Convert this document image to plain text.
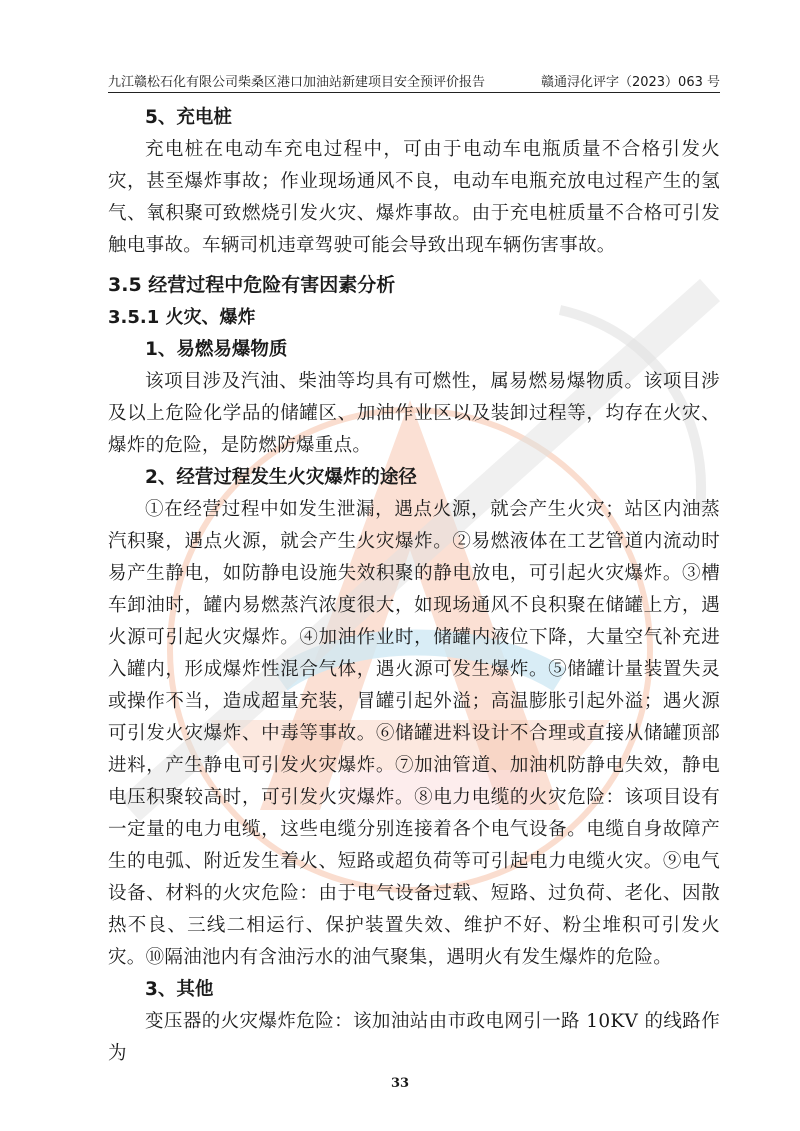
九江赣松石化有限公司柴桑区港口加油站新建项目安全预评价报告	赣通浔化评字（2023）063 号

5、充电桩

充电桩在电动车充电过程中，可由于电动车电瓶质量不合格引发火灾，甚至爆炸事故；作业现场通风不良，电动车电瓶充放电过程产生的氢气、氧积聚可致燃烧引发火灾、爆炸事故。由于充电桩质量不合格可引发触电事故。车辆司机违章驾驶可能会导致出现车辆伤害事故。

3.5 经营过程中危险有害因素分析

3.5.1 火灾、爆炸

1、易燃易爆物质

该项目涉及汽油、柴油等均具有可燃性，属易燃易爆物质。该项目涉及以上危险化学品的储罐区、加油作业区以及装卸过程等，均存在火灾、爆炸的危险，是防燃防爆重点。

2、经营过程发生火灾爆炸的途径

①在经营过程中如发生泄漏，遇点火源，就会产生火灾；站区内油蒸汽积聚，遇点火源，就会产生火灾爆炸。②易燃液体在工艺管道内流动时易产生静电，如防静电设施失效积聚的静电放电，可引起火灾爆炸。③槽车卸油时，罐内易燃蒸汽浓度很大，如现场通风不良积聚在储罐上方，遇火源可引起火灾爆炸。④加油作业时，储罐内液位下降，大量空气补充进入罐内，形成爆炸性混合气体，遇火源可发生爆炸。⑤储罐计量装置失灵或操作不当，造成超量充装，冒罐引起外溢；高温膨胀引起外溢；遇火源可引发火灾爆炸、中毒等事故。⑥储罐进料设计不合理或直接从储罐顶部进料，产生静电可引发火灾爆炸。⑦加油管道、加油机防静电失效，静电电压积聚较高时，可引发火灾爆炸。⑧电力电缆的火灾危险：该项目设有一定量的电力电缆，这些电缆分别连接着各个电气设备。电缆自身故障产生的电弧、附近发生着火、短路或超负荷等可引起电力电缆火灾。⑨电气设备、材料的火灾危险：由于电气设备过载、短路、过负荷、老化、因散热不良、三线二相运行、保护装置失效、维护不好、粉尘堆积可引发火灾。⑩隔油池内有含油污水的油气聚集，遇明火有发生爆炸的危险。

3、其他

变压器的火灾爆炸危险：该加油站由市政电网引一路 10KV 的线路作为

33
